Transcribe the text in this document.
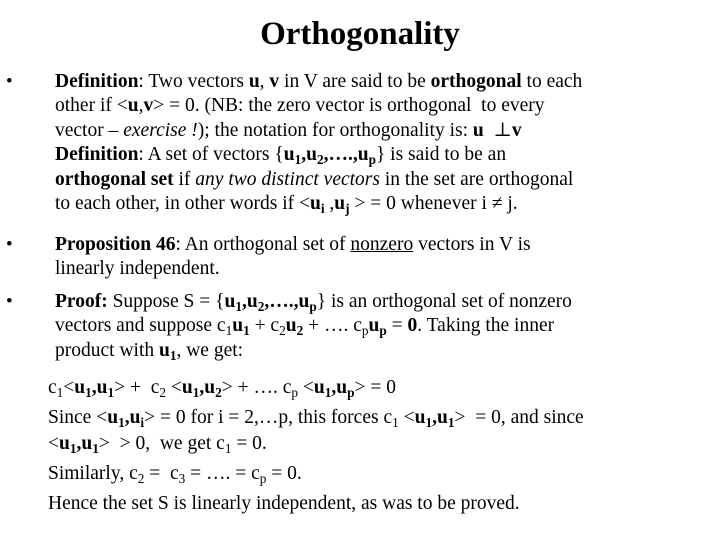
Orthogonality
•
•
•
Definition: Two vectors u, v in V are said to be orthogonal to each
other if <u,v> = 0. (NB: the zero vector is orthogonal  to every
vector – exercise !); the notation for orthogonality is: u  ⊥v
Definition: A set of vectors $\{u_1,u_2,\dots.,u_p\}$ is said to be an
orthogonal set if any two distinct vectors in the set are orthogonal
to each other, in other words if $<u_i$ $,u_j$ > = 0 whenever i ≠ j.
Proposition 46: An orthogonal set of nonzero vectors in V is
linearly independent.
Proof: Suppose $S = \{u_1,u_2,\dots.,u_p\}$ is an orthogonal set of nonzero
vectors and suppose $c_1u_1 + c_2u_2$ + …. $c_pu_p = 0$. Taking the inner
product with $u_1$, we get:
$c_1<u_1,u_1> + c_2 <u_1,u_2>$ + …. $c_p <u_1,u_p> = 0$
Since $<u_1,u_i> = 0$ for i = 2,…p, this forces $c_1 <u_1,u_1> = 0$, and since
$<u_1,u_1> > 0$,  we get $c_1 = 0$.
Similarly, $c_2 = c_3$ = …. = $c_p = 0$.
Hence the set S is linearly independent, as was to be proved.
